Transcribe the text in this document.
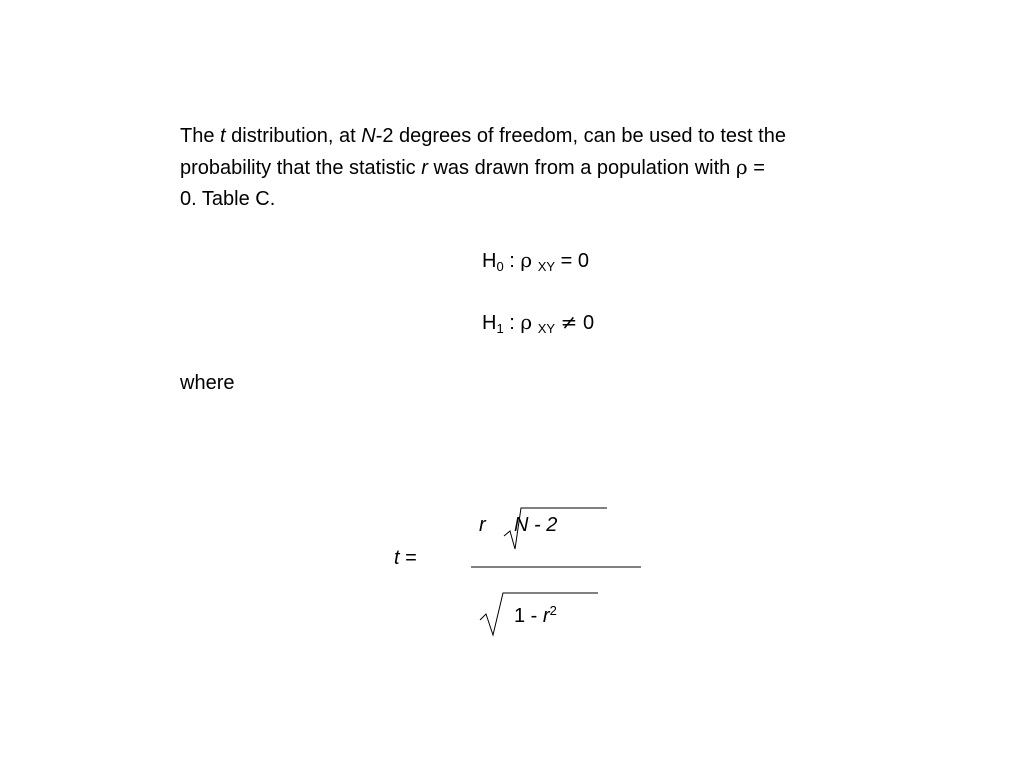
The t distribution, at N-2 degrees of freedom, can be used to test the

probability that the statistic r was drawn from a population with ρ =

0. Table C.

$H_0$ : ρ $_{XY}$ = 0
$H_1$ : ρ $_{XY}$ ≠ 0
where
t =
r N - 2
$1 - r^2$
